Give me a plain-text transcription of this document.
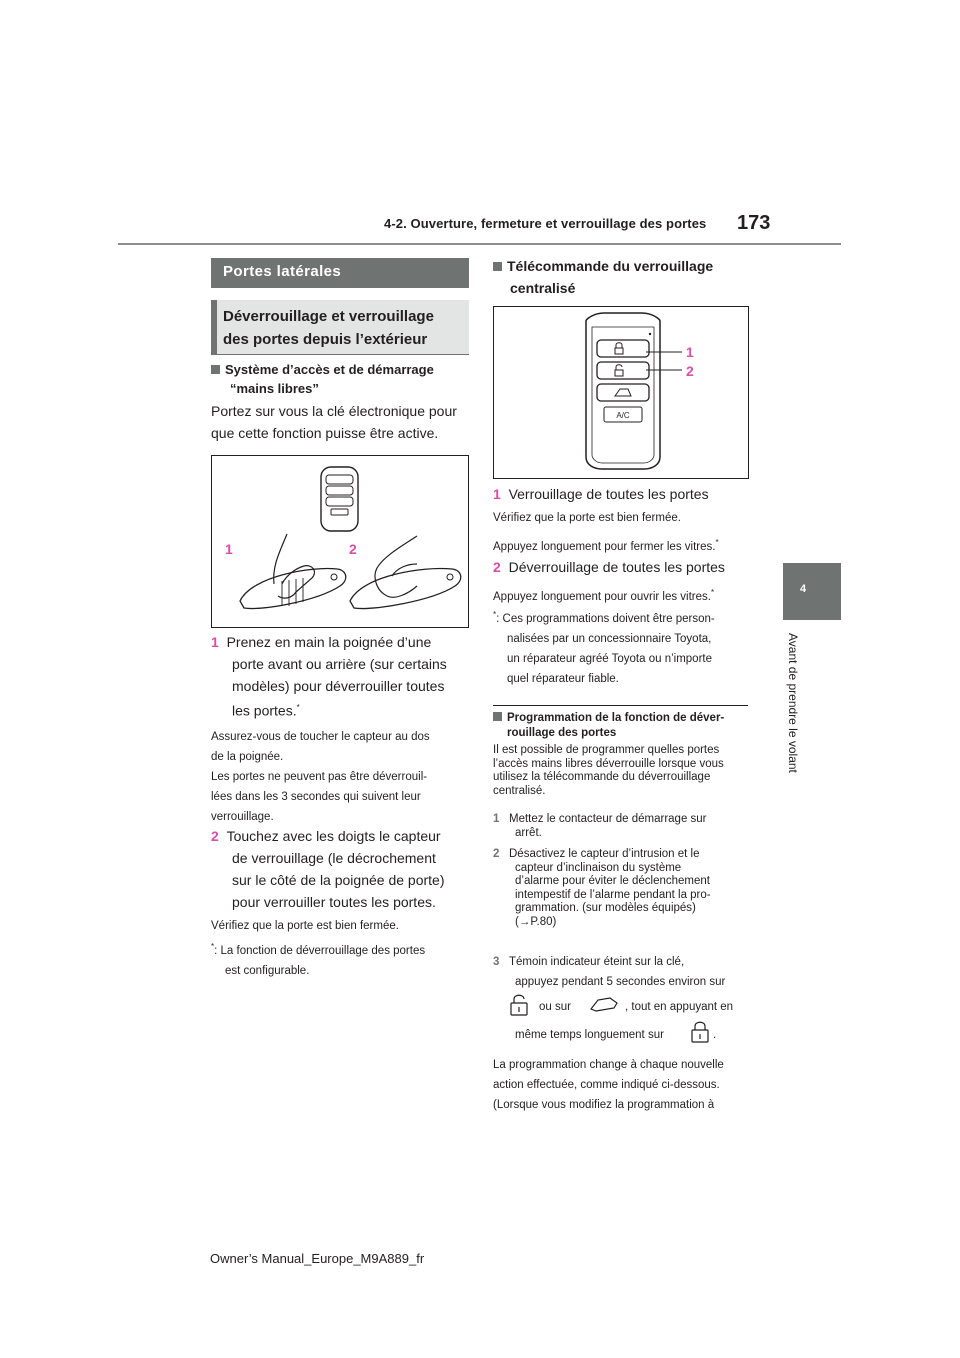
4-2. Ouverture, fermeture et verrouillage des portes 173
4
Avant de prendre le volant
Portes latérales
Déverrouillage et verrouillage
des portes depuis l’extérieur
Système d’accès et de démarrage
“mains libres”
Portez sur vous la clé électronique pour
que cette fonction puisse être active.
1	2
1 Prenez en main la poignée d’une
porte avant ou arrière (sur certains
modèles) pour déverrouiller toutes
les portes.*
Assurez-vous de toucher le capteur au dos
de la poignée.
Les portes ne peuvent pas être déverrouil-
lées dans les 3 secondes qui suivent leur
verrouillage.
2 Touchez avec les doigts le capteur
de verrouillage (le décrochement
sur le côté de la poignée de porte)
pour verrouiller toutes les portes.
Vérifiez que la porte est bien fermée.
*: La fonction de déverrouillage des portes
est configurable.
Télécommande du verrouillage
centralisé
A/C
1
2
1 Verrouillage de toutes les portes
Vérifiez que la porte est bien fermée.
Appuyez longuement pour fermer les vitres.*
2 Déverrouillage de toutes les portes
Appuyez longuement pour ouvrir les vitres.*
*: Ces programmations doivent être person-
nalisées par un concessionnaire Toyota,
un réparateur agréé Toyota ou n’importe
quel réparateur fiable.
Programmation de la fonction de déver-
rouillage des portes
Il est possible de programmer quelles portes
l’accès mains libres déverrouille lorsque vous
utilisez la télécommande du déverrouillage
centralisé.
1 Mettez le contacteur de démarrage sur
arrêt.
2 Désactivez le capteur d’intrusion et le
capteur d’inclinaison du système
d’alarme pour éviter le déclenchement
intempestif de l’alarme pendant la pro-
grammation. (sur modèles équipés)
(→P.80)
3 Témoin indicateur éteint sur la clé,
appuyez pendant 5 secondes environ sur
ou sur	, tout en appuyant en
même temps longuement sur	.
La programmation change à chaque nouvelle
action effectuée, comme indiqué ci-dessous.
(Lorsque vous modifiez la programmation à
Owner’s Manual_Europe_M9A889_fr
